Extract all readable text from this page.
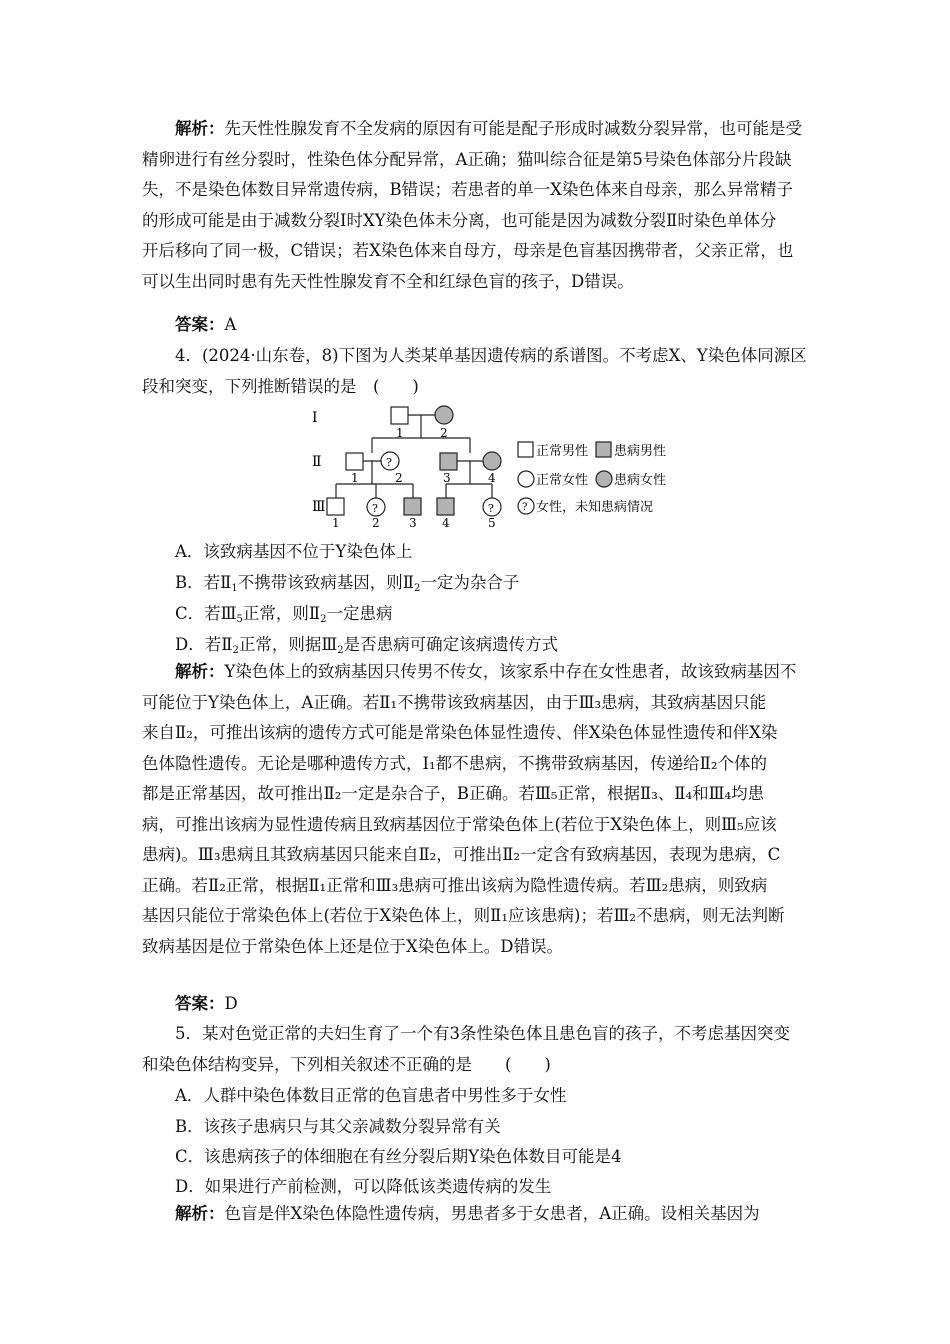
解析：先天性性腺发育不全发病的原因有可能是配子形成时减数分裂异常，也可能是受
精卵进行有丝分裂时，性染色体分配异常，A正确；猫叫综合征是第5号染色体部分片段缺
失，不是染色体数目异常遗传病，B错误；若患者的单一X染色体来自母亲，那么异常精子
的形成可能是由于减数分裂Ⅰ时XY染色体未分离，也可能是因为减数分裂Ⅱ时染色单体分
开后移向了同一极，C错误；若X染色体来自母方，母亲是色盲基因携带者，父亲正常，也
可以生出同时患有先天性性腺发育不全和红绿色盲的孩子，D错误。
答案：A
4．(2024·山东卷，8)下图为人类某单基因遗传病的系谱图。不考虑X、Y染色体同源区
段和突变，下列推断错误的是　(　　)
Ⅰ
Ⅱ
Ⅲ
1	2
?
1	2	3	4
?	?
1	2 3 4	5
正常男性 患病男性
正常女性 患病女性
? 女性，未知患病情况
A．该致病基因不位于Y染色体上
B．若$Ⅱ_1$不携带该致病基因，则$Ⅱ_2$一定为杂合子
C．若$Ⅲ_5$正常，则$Ⅱ_2$一定患病
D．若$Ⅱ_2$正常，则据$Ⅲ_2$是否患病可确定该病遗传方式
解析：Y染色体上的致病基因只传男不传女，该家系中存在女性患者，故该致病基因不
可能位于Y染色体上，A正确。若Ⅱ₁不携带该致病基因，由于Ⅲ₃患病，其致病基因只能
来自Ⅱ₂，可推出该病的遗传方式可能是常染色体显性遗传、伴X染色体显性遗传和伴X染
色体隐性遗传。无论是哪种遗传方式，Ⅰ₁都不患病，不携带致病基因，传递给Ⅱ₂个体的
都是正常基因，故可推出Ⅱ₂一定是杂合子，B正确。若Ⅲ₅正常，根据Ⅱ₃、Ⅱ₄和Ⅲ₄均患
病，可推出该病为显性遗传病且致病基因位于常染色体上(若位于X染色体上，则Ⅲ₅应该
患病)。Ⅲ₃患病且其致病基因只能来自Ⅱ₂，可推出Ⅱ₂一定含有致病基因，表现为患病，C
正确。若Ⅱ₂正常，根据Ⅱ₁正常和Ⅲ₃患病可推出该病为隐性遗传病。若Ⅲ₂患病，则致病
基因只能位于常染色体上(若位于X染色体上，则Ⅱ₁应该患病)；若Ⅲ₂不患病，则无法判断
致病基因是位于常染色体上还是位于X染色体上。D错误。
答案：D
5．某对色觉正常的夫妇生育了一个有3条性染色体且患色盲的孩子，不考虑基因突变
和染色体结构变异，下列相关叙述不正确的是　　(　　)
A．人群中染色体数目正常的色盲患者中男性多于女性
B．该孩子患病只与其父亲减数分裂异常有关
C．该患病孩子的体细胞在有丝分裂后期Y染色体数目可能是4
D．如果进行产前检测，可以降低该类遗传病的发生
解析：色盲是伴X染色体隐性遗传病，男患者多于女患者，A正确。设相关基因为
